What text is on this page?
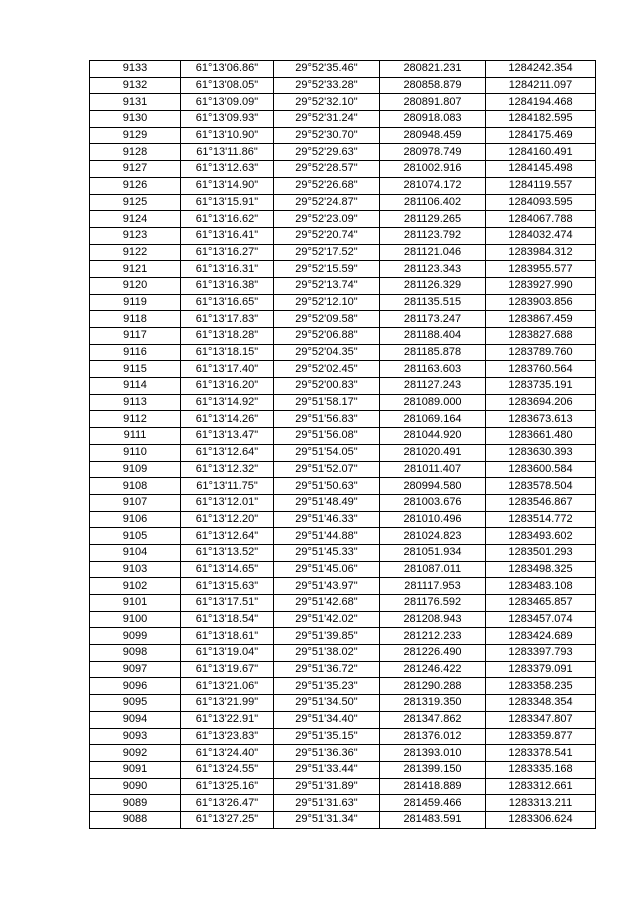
9133	61°13'06.86"	29°52'35.46"	280821.231	1284242.354
9132	61°13'08.05"	29°52'33.28"	280858.879	1284211.097
9131	61°13'09.09"	29°52'32.10"	280891.807	1284194.468
9130	61°13'09.93"	29°52'31.24"	280918.083	1284182.595
9129	61°13'10.90"	29°52'30.70"	280948.459	1284175.469
9128	61°13'11.86"	29°52'29.63"	280978.749	1284160.491
9127	61°13'12.63"	29°52'28.57"	281002.916	1284145.498
9126	61°13'14.90"	29°52'26.68"	281074.172	1284119.557
9125	61°13'15.91"	29°52'24.87"	281106.402	1284093.595
9124	61°13'16.62"	29°52'23.09"	281129.265	1284067.788
9123	61°13'16.41"	29°52'20.74"	281123.792	1284032.474
9122	61°13'16.27"	29°52'17.52"	281121.046	1283984.312
9121	61°13'16.31"	29°52'15.59"	281123.343	1283955.577
9120	61°13'16.38"	29°52'13.74"	281126.329	1283927.990
9119	61°13'16.65"	29°52'12.10"	281135.515	1283903.856
9118	61°13'17.83"	29°52'09.58"	281173.247	1283867.459
9117	61°13'18.28"	29°52'06.88"	281188.404	1283827.688
9116	61°13'18.15"	29°52'04.35"	281185.878	1283789.760
9115	61°13'17.40"	29°52'02.45"	281163.603	1283760.564
9114	61°13'16.20"	29°52'00.83"	281127.243	1283735.191
9113	61°13'14.92"	29°51'58.17"	281089.000	1283694.206
9112	61°13'14.26"	29°51'56.83"	281069.164	1283673.613
9111	61°13'13.47"	29°51'56.08"	281044.920	1283661.480
9110	61°13'12.64"	29°51'54.05"	281020.491	1283630.393
9109	61°13'12.32"	29°51'52.07"	281011.407	1283600.584
9108	61°13'11.75"	29°51'50.63"	280994.580	1283578.504
9107	61°13'12.01"	29°51'48.49"	281003.676	1283546.867
9106	61°13'12.20"	29°51'46.33"	281010.496	1283514.772
9105	61°13'12.64"	29°51'44.88"	281024.823	1283493.602
9104	61°13'13.52"	29°51'45.33"	281051.934	1283501.293
9103	61°13'14.65"	29°51'45.06"	281087.011	1283498.325
9102	61°13'15.63"	29°51'43.97"	281117.953	1283483.108
9101	61°13'17.51"	29°51'42.68"	281176.592	1283465.857
9100	61°13'18.54"	29°51'42.02"	281208.943	1283457.074
9099	61°13'18.61"	29°51'39.85"	281212.233	1283424.689
9098	61°13'19.04"	29°51'38.02"	281226.490	1283397.793
9097	61°13'19.67"	29°51'36.72"	281246.422	1283379.091
9096	61°13'21.06"	29°51'35.23"	281290.288	1283358.235
9095	61°13'21.99"	29°51'34.50"	281319.350	1283348.354
9094	61°13'22.91"	29°51'34.40"	281347.862	1283347.807
9093	61°13'23.83"	29°51'35.15"	281376.012	1283359.877
9092	61°13'24.40"	29°51'36.36"	281393.010	1283378.541
9091	61°13'24.55"	29°51'33.44"	281399.150	1283335.168
9090	61°13'25.16"	29°51'31.89"	281418.889	1283312.661
9089	61°13'26.47"	29°51'31.63"	281459.466	1283313.211
9088	61°13'27.25"	29°51'31.34"	281483.591	1283306.624
